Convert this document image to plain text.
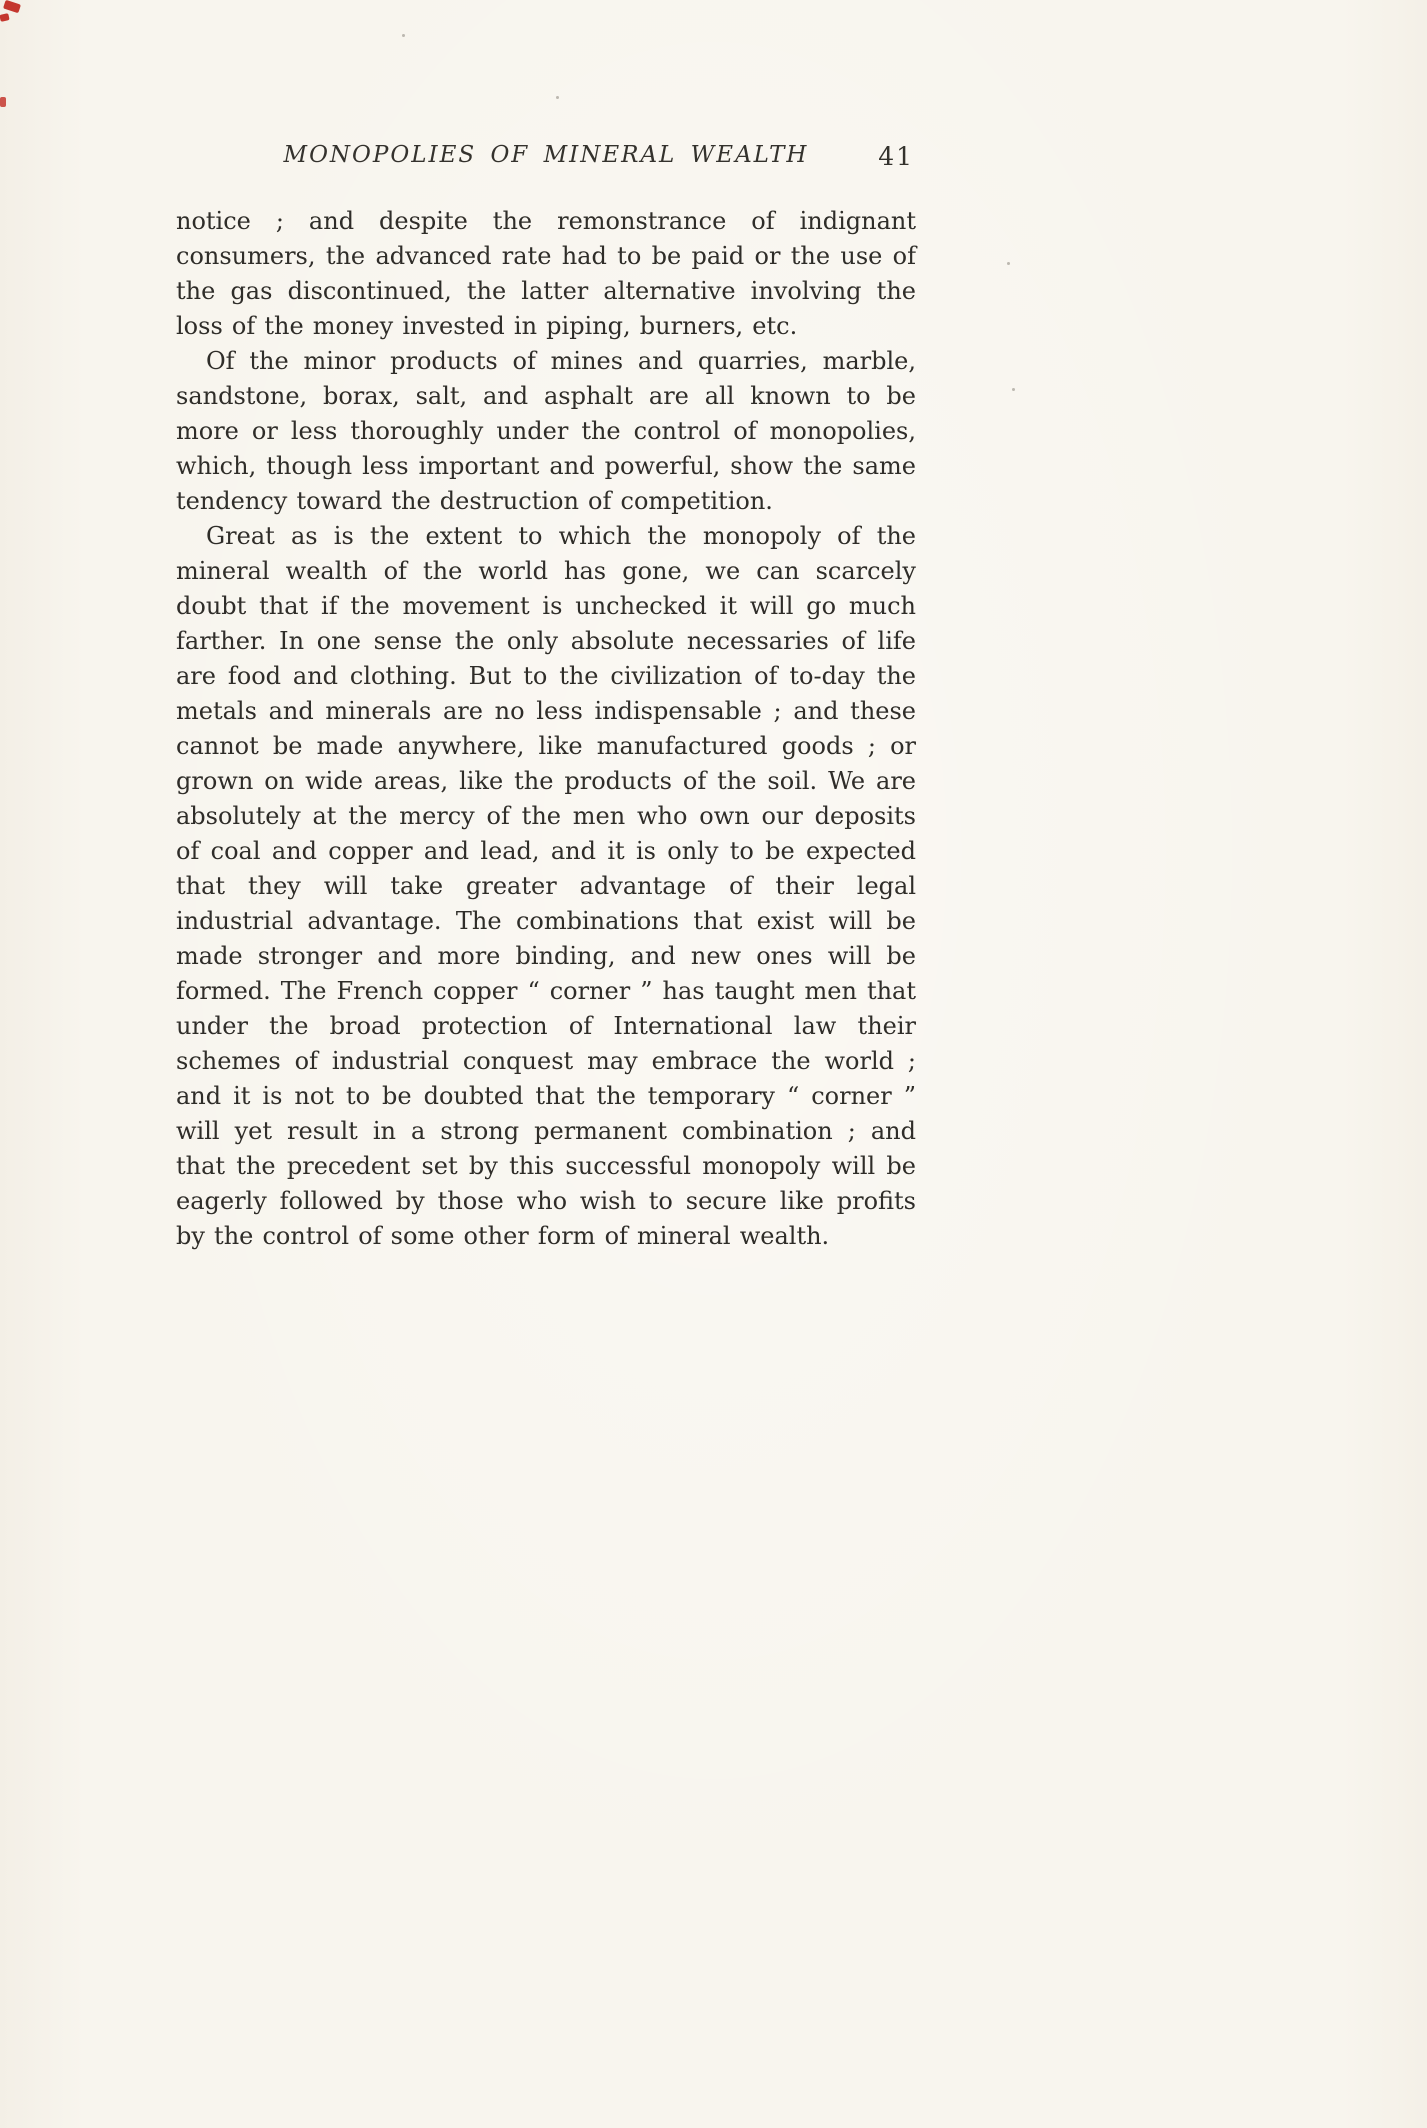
MONOPOLIES OF MINERAL WEALTH	41

notice ; and despite the remonstrance of indignant consumers, the advanced rate had to be paid or the use of the gas discontinued, the latter alternative involving the loss of the money invested in piping, burners, etc.

Of the minor products of mines and quarries, marble, sandstone, borax, salt, and asphalt are all known to be more or less thoroughly under the control of monopolies, which, though less important and powerful, show the same tendency toward the destruction of competition.

Great as is the extent to which the monopoly of the mineral wealth of the world has gone, we can scarcely doubt that if the movement is unchecked it will go much farther. In one sense the only absolute necessaries of life are food and clothing. But to the civilization of to-day the metals and minerals are no less indispensable ; and these cannot be made anywhere, like manufactured goods ; or grown on wide areas, like the products of the soil. We are absolutely at the mercy of the men who own our deposits of coal and copper and lead, and it is only to be expected that they will take greater advantage of their legal industrial advantage. The combinations that exist will be made stronger and more binding, and new ones will be formed. The French copper “ corner ” has taught men that under the broad protection of International law their schemes of industrial conquest may embrace the world ; and it is not to be doubted that the temporary “ corner ” will yet result in a strong permanent combination ; and that the precedent set by this successful monopoly will be eagerly followed by those who wish to secure like profits by the control of some other form of mineral wealth.
